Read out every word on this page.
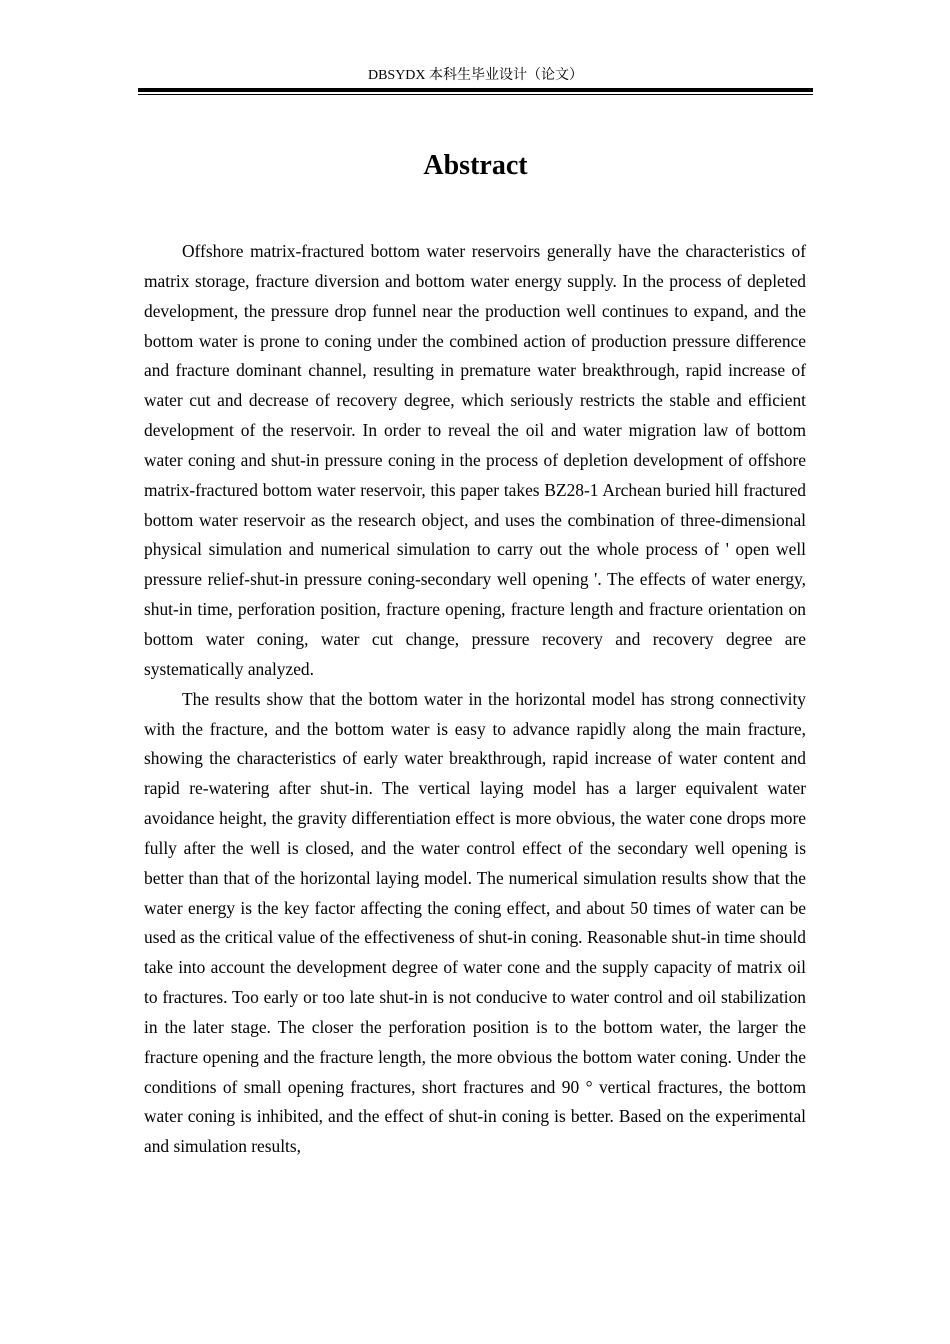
DBSYDX 本科生毕业设计（论文）
Abstract

Offshore matrix-fractured bottom water reservoirs generally have the characteristics of matrix storage, fracture diversion and bottom water energy supply. In the process of depleted development, the pressure drop funnel near the production well continues to expand, and the bottom water is prone to coning under the combined action of production pressure difference and fracture dominant channel, resulting in premature water breakthrough, rapid increase of water cut and decrease of recovery degree, which seriously restricts the stable and efficient development of the reservoir. In order to reveal the oil and water migration law of bottom water coning and shut-in pressure coning in the process of depletion development of offshore matrix-fractured bottom water reservoir, this paper takes BZ28-1 Archean buried hill fractured bottom water reservoir as the research object, and uses the combination of three-dimensional physical simulation and numerical simulation to carry out the whole process of ' open well pressure relief-shut-in pressure coning-secondary well opening '. The effects of water energy, shut-in time, perforation position, fracture opening, fracture length and fracture orientation on bottom water coning, water cut change, pressure recovery and recovery degree are systematically analyzed.

The results show that the bottom water in the horizontal model has strong connectivity with the fracture, and the bottom water is easy to advance rapidly along the main fracture, showing the characteristics of early water breakthrough, rapid increase of water content and rapid re-watering after shut-in. The vertical laying model has a larger equivalent water avoidance height, the gravity differentiation effect is more obvious, the water cone drops more fully after the well is closed, and the water control effect of the secondary well opening is better than that of the horizontal laying model. The numerical simulation results show that the water energy is the key factor affecting the coning effect, and about 50 times of water can be used as the critical value of the effectiveness of shut-in coning. Reasonable shut-in time should take into account the development degree of water cone and the supply capacity of matrix oil to fractures. Too early or too late shut-in is not conducive to water control and oil stabilization in the later stage. The closer the perforation position is to the bottom water, the larger the fracture opening and the fracture length, the more obvious the bottom water coning. Under the conditions of small opening fractures, short fractures and 90 ° vertical fractures, the bottom water coning is inhibited, and the effect of shut-in coning is better. Based on the experimental and simulation results,
